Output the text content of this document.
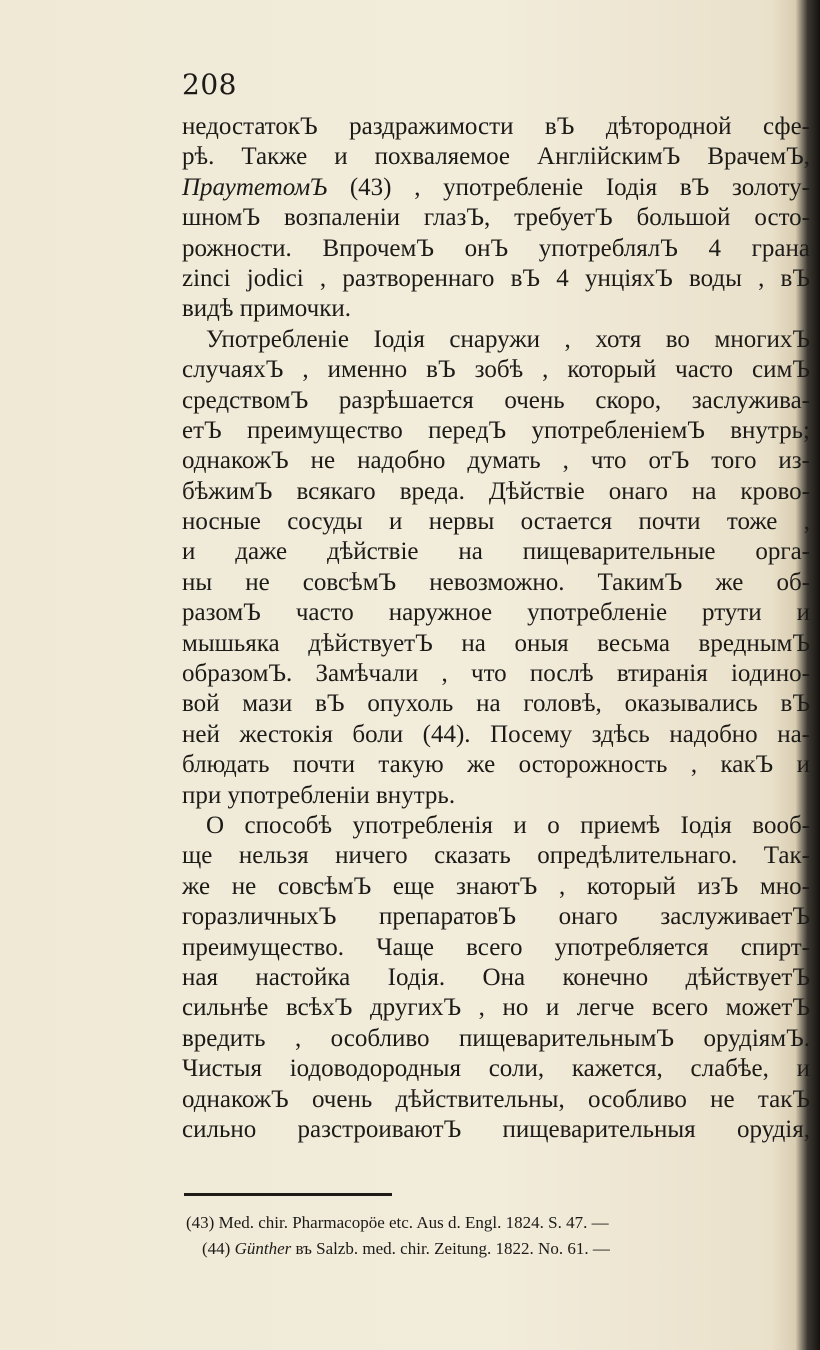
208
недостатокЪ раздражимости вЪ дѣтородной сфе-
рѣ. Также и похваляемое АнглійскимЪ ВрачемЪ,
ПраутетомЪ (43) , употребленіе Іодія вЪ золоту-
шномЪ возпаленіи глазЪ, требуетЪ большой осто-
рожности. ВпрочемЪ онЪ употреблялЪ 4 грана
zinci jodici , разтвореннаго вЪ 4 унціяхЪ воды , вЪ
видѣ примочки.
Употребленіе Іодія снаружи , хотя во многихЪ
случаяхЪ , именно вЪ зобѣ , который часто симЪ
средствомЪ разрѣшается очень скоро, заслужива-
етЪ преимущество передЪ употребленіемЪ внутрь;
однакожЪ не надобно думать , что отЪ того из-
бѣжимЪ всякаго вреда. Дѣйствіе онаго на крово-
носные сосуды и нервы остается почти тоже ,
и даже дѣйствіе на пищеварительные орга-
ны не совсѣмЪ невозможно. ТакимЪ же об-
разомЪ часто наружное употребленіе ртути и
мышьяка дѣйствуетЪ на оныя весьма вреднымЪ
образомЪ. Замѣчали , что послѣ втиранія іодино-
вой мази вЪ опухоль на головѣ, оказывались вЪ
ней жестокія боли (44). Посему здѣсь надобно на-
блюдать почти такую же осторожность , какЪ и
при употребленіи внутрь.
О способѣ употребленія и о приемѣ Іодія вооб-
ще нельзя ничего сказать опредѣлительнаго. Так-
же не совсѣмЪ еще знаютЪ , который изЪ мно-
горазличныхЪ препаратовЪ онаго заслуживаетЪ
преимущество. Чаще всего употребляется спирт-
ная настойка Іодія. Она конечно дѣйствуетЪ
сильнѣе всѣхЪ другихЪ , но и легче всего можетЪ
вредить , особливо пищеварительнымЪ орудіямЪ.
Чистыя іодоводородныя соли, кажется, слабѣе, и
однакожЪ очень дѣйствительны, особливо не такЪ
сильно разстроиваютЪ пищеварительныя орудія,
(43) Med. chir. Pharmacopöe etc. Aus d. Engl. 1824. S. 47. —
(44) Günther въ Salzb. med. chir. Zeitung. 1822. No. 61. —
